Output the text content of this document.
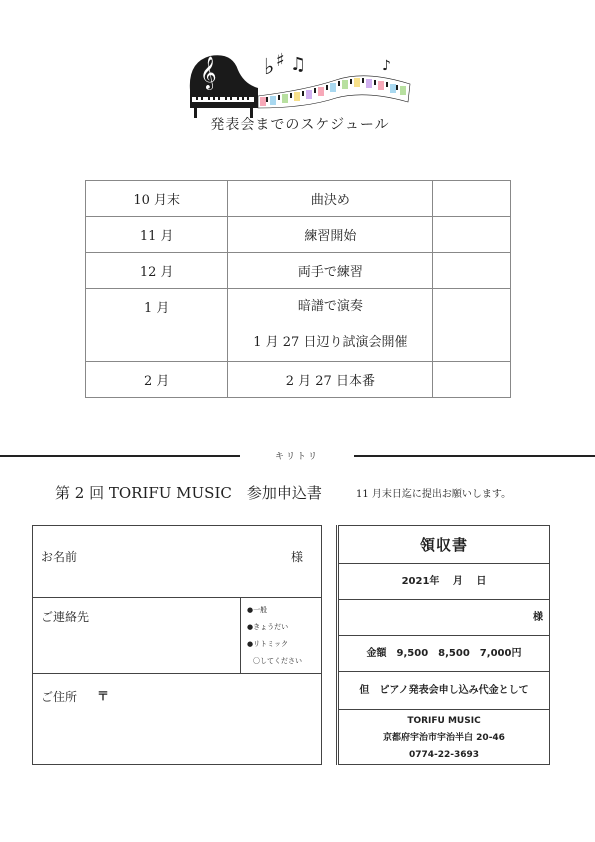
𝄞 ♭ ♯ ♫	♪
発表会までのスケジュール
10 月末	曲決め	
11 月	練習開始	
12 月	両手で練習	
1 月	暗譜で演奏
1 月 27 日辺り試演会開催	

2 月	2 月 27 日本番	
キリトリ
第 2 回 TORIFU MUSIC　参加申込書	11 月末日迄に提出お願いします。
お名前	様
ご連絡先	●一般
●きょうだい
●リトミック
〇してください
ご住所 〒
領収書
2021年　 月　 日
様
金額　9,500　8,500　7,000円
但　ピアノ発表会申し込み代金として
TORIFU MUSIC
京都府宇治市宇治半白 20-46
0774-22-3693
